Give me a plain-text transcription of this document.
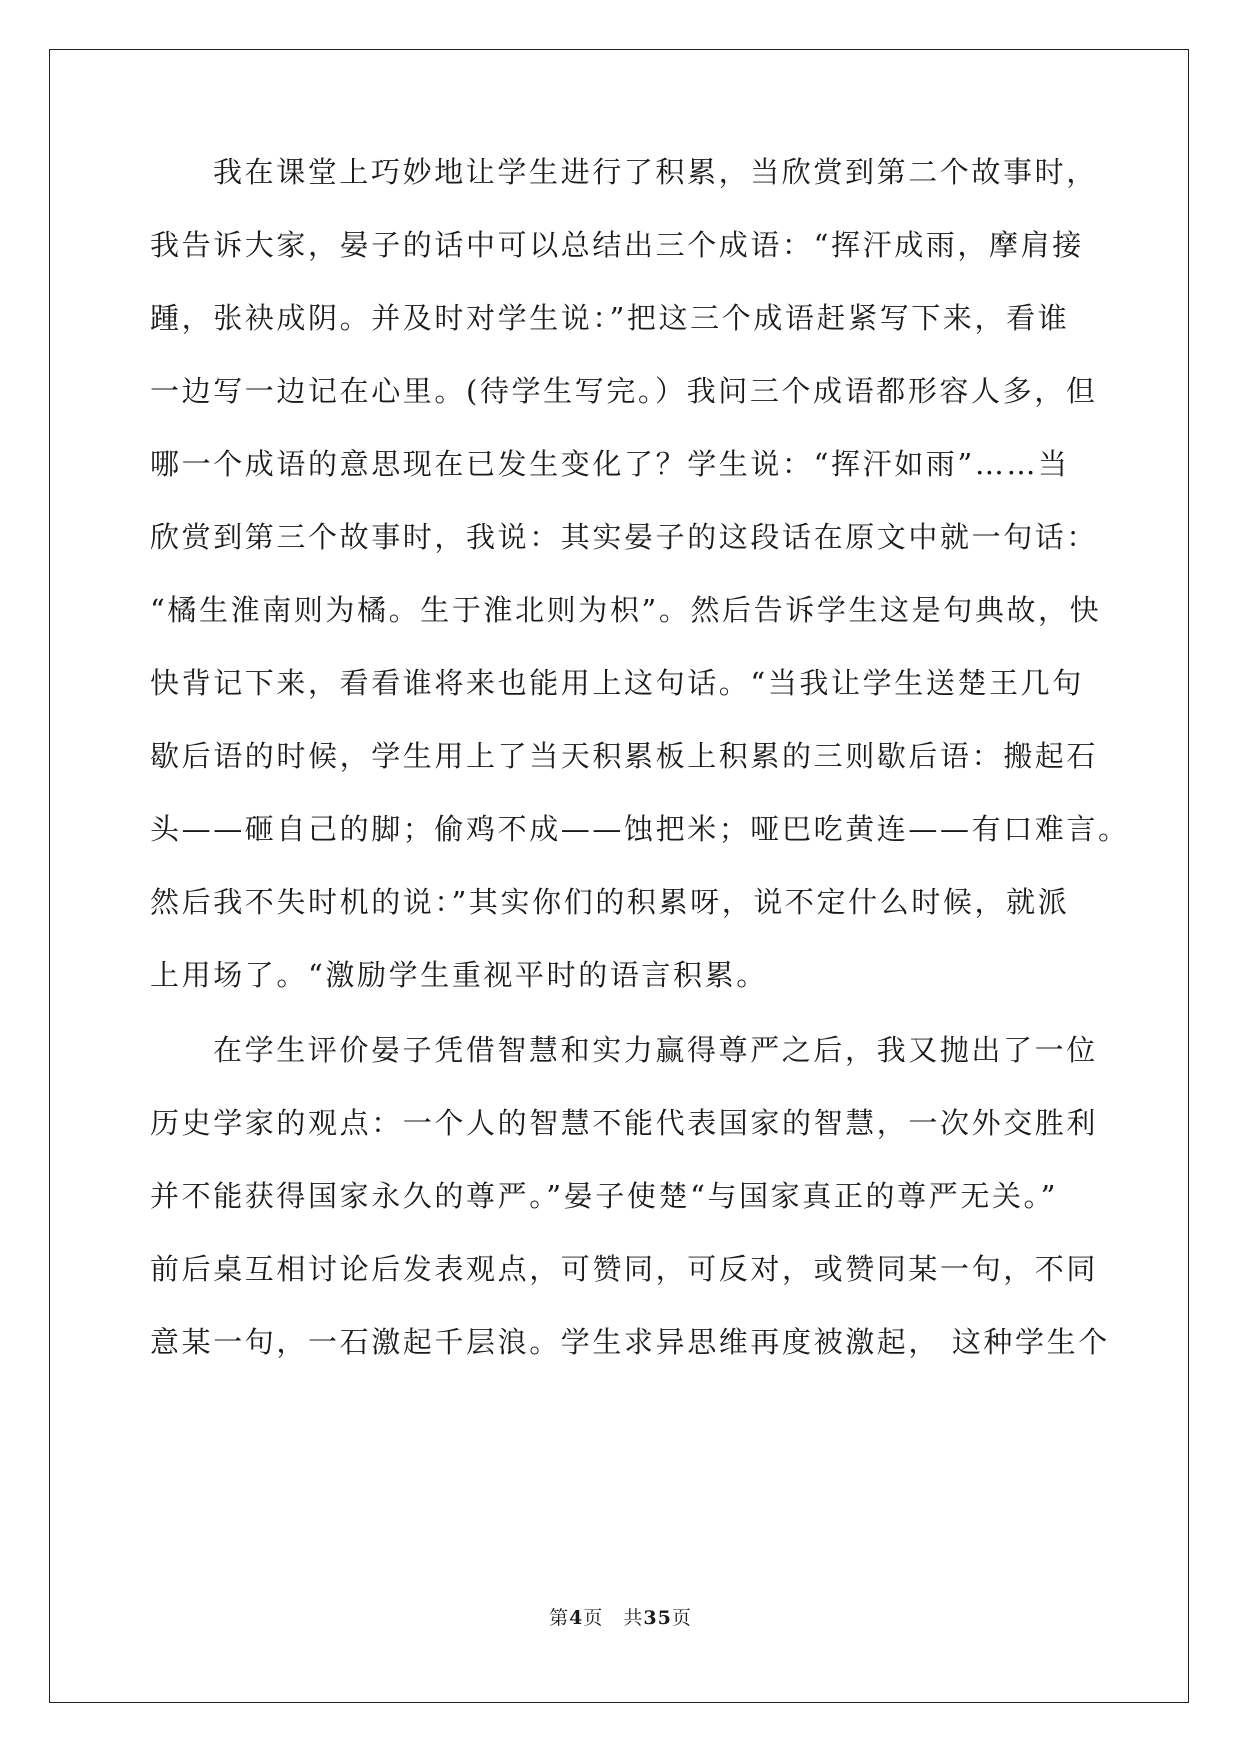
我在课堂上巧妙地让学生进行了积累，当欣赏到第二个故事时，
我告诉大家，晏子的话中可以总结出三个成语：“挥汗成雨，摩肩接
踵，张袂成阴。并及时对学生说：”把这三个成语赶紧写下来，看谁
一边写一边记在心里。(待学生写完。）我问三个成语都形容人多，但
哪一个成语的意思现在已发生变化了？学生说：“挥汗如雨”……当
欣赏到第三个故事时，我说：其实晏子的这段话在原文中就一句话：
“橘生淮南则为橘。生于淮北则为枳”。然后告诉学生这是句典故，快
快背记下来，看看谁将来也能用上这句话。“当我让学生送楚王几句
歇后语的时候，学生用上了当天积累板上积累的三则歇后语：搬起石
头——砸自己的脚；偷鸡不成——蚀把米；哑巴吃黄连——有口难言。
然后我不失时机的说：”其实你们的积累呀，说不定什么时候，就派
上用场了。“激励学生重视平时的语言积累。
在学生评价晏子凭借智慧和实力赢得尊严之后，我又抛出了一位
历史学家的观点：一个人的智慧不能代表国家的智慧，一次外交胜利
并不能获得国家永久的尊严。”晏子使楚“与国家真正的尊严无关。”
前后桌互相讨论后发表观点，可赞同，可反对，或赞同某一句，不同
意某一句，一石激起千层浪。学生求异思维再度被激起， 这种学生个
第4页　共35页
